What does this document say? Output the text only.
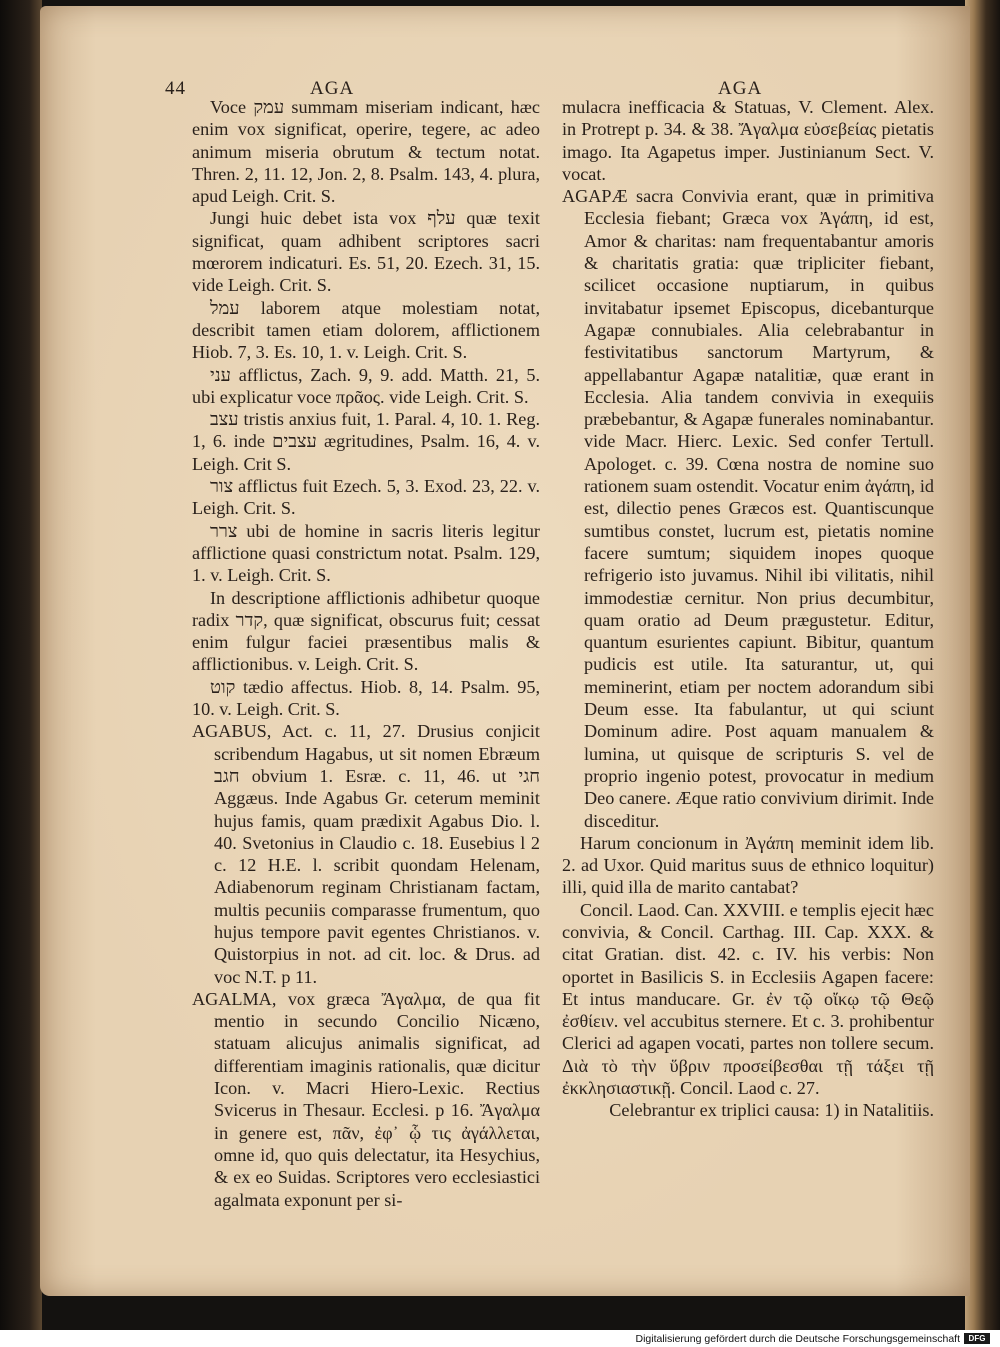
44	AGA	AGA

Voce עמק summam miseriam indicant, hæc enim vox significat, operire, tegere, ac adeo animum miseria obrutum & tectum notat. Thren. 2, 11. 12, Jon. 2, 8. Psalm. 143, 4. plura, apud Leigh. Crit. S.

Jungi huic debet ista vox עלף quæ texit significat, quam adhibent scriptores sacri mœrorem indicaturi. Es. 51, 20. Ezech. 31, 15. vide Leigh. Crit. S.

עמל laborem atque molestiam notat, describit tamen etiam dolorem, afflictionem Hiob. 7, 3. Es. 10, 1. v. Leigh. Crit. S.

עני afflictus, Zach. 9, 9. add. Matth. 21, 5. ubi explicatur voce πρᾶος. vide Leigh. Crit. S.

עצב tristis anxius fuit, 1. Paral. 4, 10. 1. Reg. 1, 6. inde עצבים ægritudines, Psalm. 16, 4. v. Leigh. Crit S.

צור afflictus fuit Ezech. 5, 3. Exod. 23, 22. v. Leigh. Crit. S.

צרר ubi de homine in sacris literis legitur afflictione quasi constrictum notat. Psalm. 129, 1. v. Leigh. Crit. S.

In descriptione afflictionis adhibetur quoque radix קדר, quæ significat, obscurus fuit; cessat enim fulgur faciei præsentibus malis & afflictionibus. v. Leigh. Crit. S.

קוט tædio affectus. Hiob. 8, 14. Psalm. 95, 10. v. Leigh. Crit. S.

AGABUS, Act. c. 11, 27. Drusius conjicit scribendum Hagabus, ut sit nomen Ebræum חגב obvium 1. Esræ. c. 11, 46. ut חגי Aggæus. Inde Agabus Gr. ceterum meminit hujus famis, quam prædixit Agabus Dio. l. 40. Svetonius in Claudio c. 18. Eusebius l 2 c. 12 H.E. l. scribit quondam Helenam, Adiabenorum reginam Christianam factam, multis pecuniis comparasse frumentum, quo hujus tempore pavit egentes Christianos. v. Quistorpius in not. ad cit. loc. & Drus. ad voc N.T. p 11.

AGALMA, vox græca Ἄγαλμα, de qua fit mentio in secundo Concilio Nicæno, statuam alicujus animalis significat, ad differentiam imaginis rationalis, quæ dicitur Icon. v. Macri Hiero-Lexic. Rectius Svicerus in Thesaur. Ecclesi. p 16. Ἄγαλμα in genere est, πᾶν, ἐφ᾽ ᾧ τις ἀγάλλεται, omne id, quo quis delectatur, ita Hesychius, & ex eo Suidas. Scriptores vero ecclesiastici agalmata exponunt per si-

mulacra inefficacia & Statuas, V. Clement. Alex. in Protrept p. 34. & 38. Ἄγαλμα εὐσεβείας pietatis imago. Ita Agapetus imper. Justinianum Sect. V. vocat.

AGAPÆ sacra Convivia erant, quæ in primitiva Ecclesia fiebant; Græca vox Ἀγάπη, id est, Amor & charitas: nam frequentabantur amoris & charitatis gratia: quæ tripliciter fiebant, scilicet occasione nuptiarum, in quibus invitabatur ipsemet Episcopus, dicebanturque Agapæ connubiales. Alia celebrabantur in festivitatibus sanctorum Martyrum, & appellabantur Agapæ natalitiæ, quæ erant in Ecclesia. Alia tandem convivia in exequiis præbebantur, & Agapæ funerales nominabantur. vide Macr. Hierc. Lexic. Sed confer Tertull. Apologet. c. 39. Cœna nostra de nomine suo rationem suam ostendit. Vocatur enim ἀγάπη, id est, dilectio penes Græcos est. Quantiscunque sumtibus constet, lucrum est, pietatis nomine facere sumtum; siquidem inopes quoque refrigerio isto juvamus. Nihil ibi vilitatis, nihil immodestiæ cernitur. Non prius decumbitur, quam oratio ad Deum prægustetur. Editur, quantum esurientes capiunt. Bibitur, quantum pudicis est utile. Ita saturantur, ut, qui meminerint, etiam per noctem adorandum sibi Deum esse. Ita fabulantur, ut qui sciunt Dominum adire. Post aquam manualem & lumina, ut quisque de scripturis S. vel de proprio ingenio potest, provocatur in medium Deo canere. Æque ratio convivium dirimit. Inde disceditur.

Harum concionum in Ἀγάπη meminit idem lib. 2. ad Uxor. Quid maritus suus de ethnico loquitur) illi, quid illa de marito cantabat?

Concil. Laod. Can. XXVIII. e templis ejecit hæc convivia, & Concil. Carthag. III. Cap. XXX. & citat Gratian. dist. 42. c. IV. his verbis: Non oportet in Basilicis S. in Ecclesiis Agapen facere: Et intus manducare. Gr. ἐν τῷ οἴκῳ τῷ Θεῷ ἐσθίειν. vel accubitus sternere. Et c. 3. prohibentur Clerici ad agapen vocati, partes non tollere secum. Διὰ τὸ τὴν ὕβριν προσείβεσθαι τῇ τάξει τῇ ἐκκλησιαστικῇ. Concil. Laod c. 27.

Celebrantur ex triplici causa: 1) in Natalitiis.

Digitalisierung gefördert durch die Deutsche Forschungsgemeinschaft	DFG
